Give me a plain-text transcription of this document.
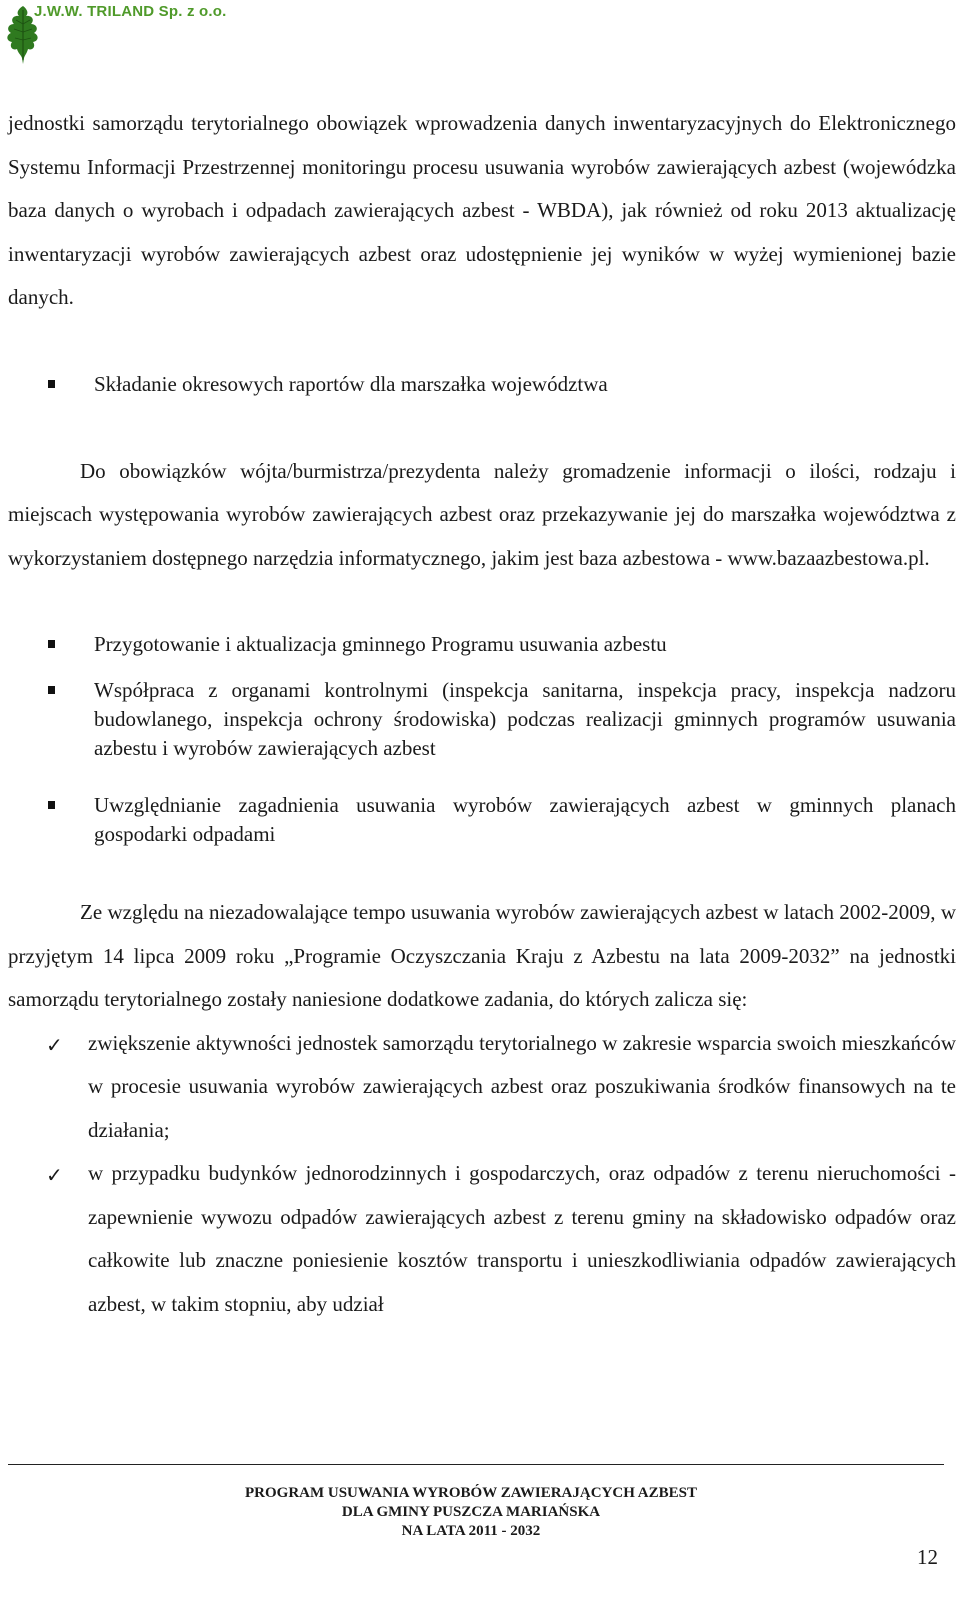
J.W.W. TRILAND Sp. z o.o.

jednostki samorządu terytorialnego obowiązek wprowadzenia danych inwentaryzacyjnych do Elektronicznego Systemu Informacji Przestrzennej monitoringu procesu usuwania wyrobów zawierających azbest (wojewódzka baza danych o wyrobach i odpadach zawierających azbest - WBDA), jak również od roku 2013 aktualizację inwentaryzacji wyrobów zawierających azbest oraz udostępnienie jej wyników w wyżej wymienionej bazie danych.

Składanie okresowych raportów dla marszałka województwa

Do obowiązków wójta/burmistrza/prezydenta należy gromadzenie informacji o ilości, rodzaju i miejscach występowania wyrobów zawierających azbest oraz przekazywanie jej do marszałka województwa z wykorzystaniem dostępnego narzędzia informatycznego, jakim jest baza azbestowa - www.bazaazbestowa.pl.

Przygotowanie i aktualizacja gminnego Programu usuwania azbestu
Współpraca z organami kontrolnymi (inspekcja sanitarna, inspekcja pracy, inspekcja nadzoru budowlanego, inspekcja ochrony środowiska) podczas realizacji gminnych programów usuwania azbestu i wyrobów zawierających azbest
Uwzględnianie zagadnienia usuwania wyrobów zawierających azbest w gminnych planach gospodarki odpadami

Ze względu na niezadowalające tempo usuwania wyrobów zawierających azbest w latach 2002-2009, w przyjętym 14 lipca 2009 roku „Programie Oczyszczania Kraju z Azbestu na lata 2009-2032” na jednostki samorządu terytorialnego zostały naniesione dodatkowe zadania, do których zalicza się:

✓ zwiększenie aktywności jednostek samorządu terytorialnego w zakresie wsparcia swoich mieszkańców w procesie usuwania wyrobów zawierających azbest oraz poszukiwania środków finansowych na te działania;
✓ w przypadku budynków jednorodzinnych i gospodarczych, oraz odpadów z terenu nieruchomości - zapewnienie wywozu odpadów zawierających azbest z terenu gminy na składowisko odpadów oraz całkowite lub znaczne poniesienie kosztów transportu i unieszkodliwiania odpadów zawierających azbest, w takim stopniu, aby udział
PROGRAM USUWANIA WYROBÓW ZAWIERAJĄCYCH AZBEST
DLA GMINY PUSZCZA MARIAŃSKA
NA LATA 2011 - 2032
12
